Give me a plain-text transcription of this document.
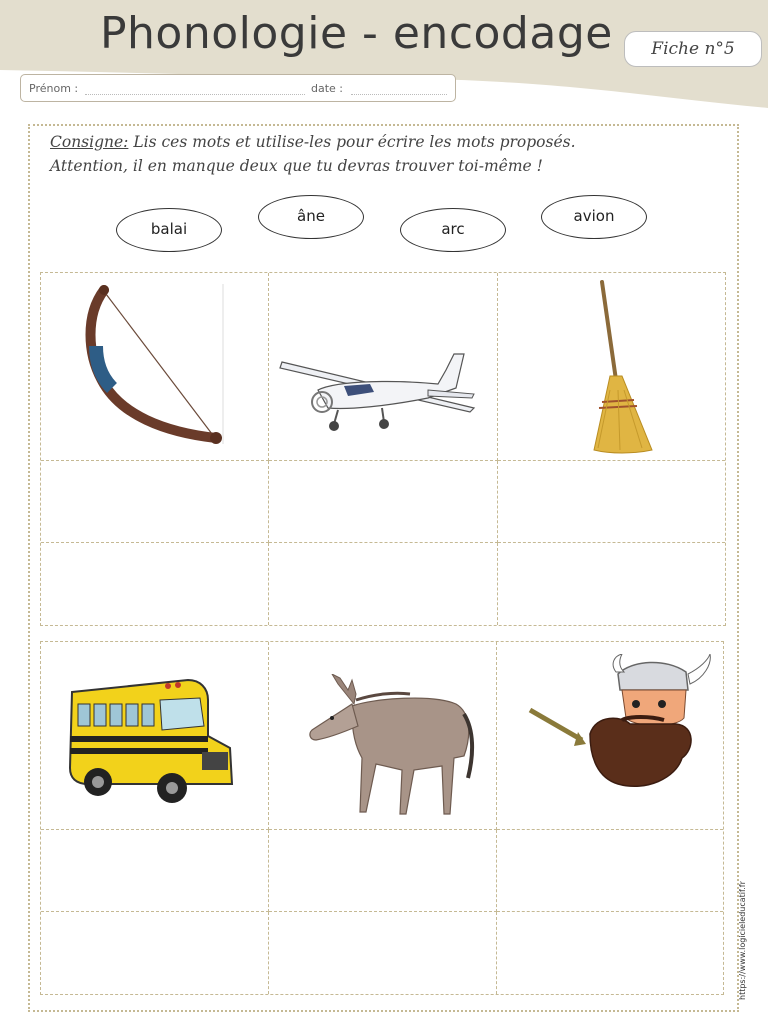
Phonologie - encodage	Fiche n°5
Prénom :	date :

Consigne: Lis ces mots et utilise-les pour écrire les mots proposés.

Attention, il en manque deux que tu devras trouver toi-même !

balai
âne
arc
avion
https://www.logicieleducatif.fr
